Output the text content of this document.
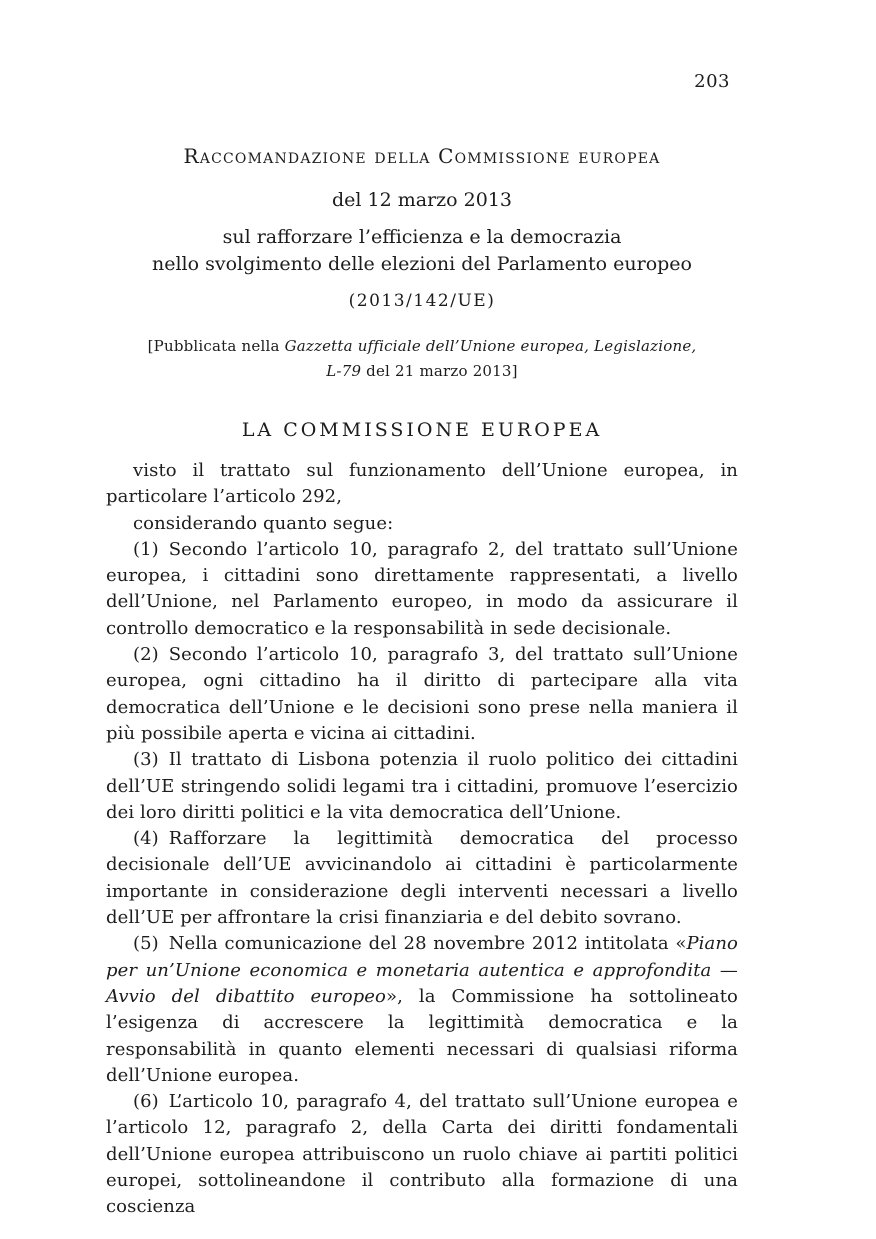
203
Raccomandazione della Commissione europea
del 12 marzo 2013
sul rafforzare l’efficienza e la democrazia
nello svolgimento delle elezioni del Parlamento europeo
(2013/142/UE)
[Pubblicata nella Gazzetta ufficiale dell’Unione europea, Legislazione,
L-79 del 21 marzo 2013]
LA COMMISSIONE EUROPEA

visto il trattato sul funzionamento dell’Unione europea, in particolare l’articolo 292,

considerando quanto segue:

(1) Secondo l’articolo 10, paragrafo 2, del trattato sull’Unione europea, i cittadini sono direttamente rappresentati, a livello dell’Unione, nel Parlamento europeo, in modo da assicurare il controllo democratico e la responsabilità in sede decisionale.

(2) Secondo l’articolo 10, paragrafo 3, del trattato sull’Unione europea, ogni cittadino ha il diritto di partecipare alla vita democratica dell’Unione e le decisioni sono prese nella maniera il più possibile aperta e vicina ai cittadini.

(3) Il trattato di Lisbona potenzia il ruolo politico dei cittadini dell’UE stringendo solidi legami tra i cittadini, promuove l’esercizio dei loro diritti politici e la vita democratica dell’Unione.

(4) Rafforzare la legittimità democratica del processo decisionale dell’UE avvicinandolo ai cittadini è particolarmente importante in considerazione degli interventi necessari a livello dell’UE per affrontare la crisi finanziaria e del debito sovrano.

(5) Nella comunicazione del 28 novembre 2012 intitolata «Piano per un’Unione economica e monetaria autentica e approfondita — Avvio del dibattito europeo», la Commissione ha sottolineato l’esigenza di accrescere la legittimità democratica e la responsabilità in quanto elementi necessari di qualsiasi riforma dell’Unione europea.

(6) L’articolo 10, paragrafo 4, del trattato sull’Unione europea e l’articolo 12, paragrafo 2, della Carta dei diritti fondamentali dell’Unione europea attribuiscono un ruolo chiave ai partiti politici europei, sottolineandone il contributo alla formazione di una coscienza
